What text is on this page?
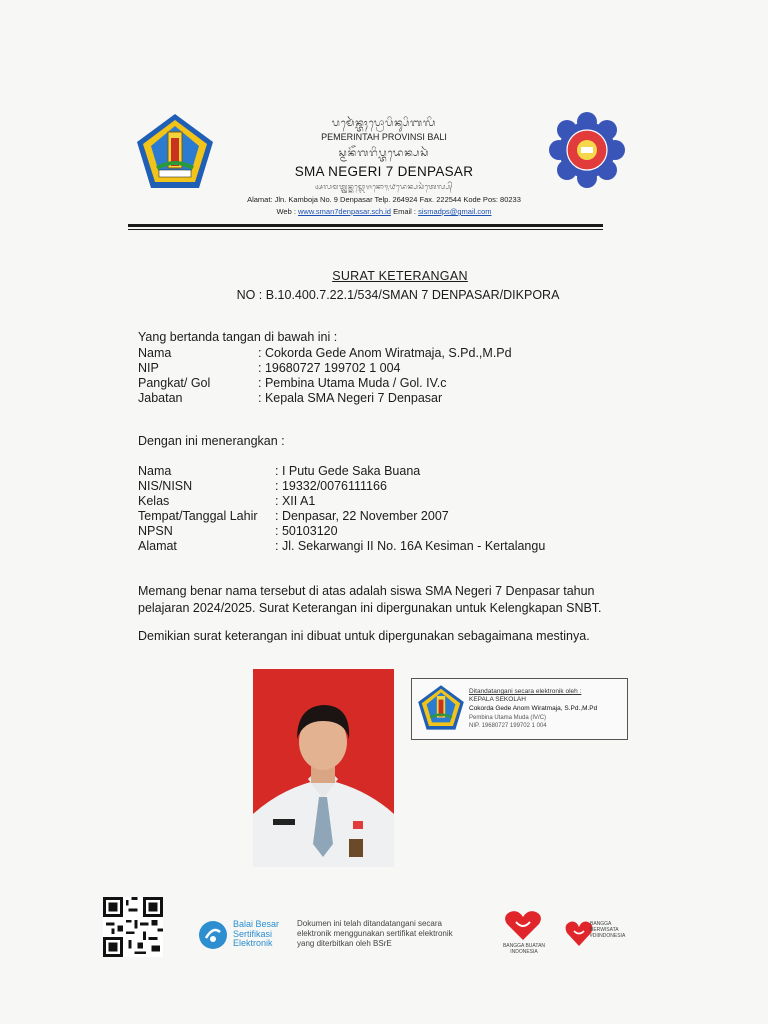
ᬧᬫᬾᬃᬦ᭄ᬢᬄᬧ᭄ᬭᭀᬧᬶᬦ᭄ᬲᬶᬩᬮᬶ
PEMERINTAH PROVINSI BALI
ᬲ᭄ᬫᬦᭂᬕᬭᬶᬧ᭄ᬢᬤᬾᬦ᭄ᬧᬲᬃ
SMA NEGERI 7 DENPASAR
ᬅᬮᬫᬢ᭄ᬚ᭄ᬮᬦ᭄ᬓᬫ᭄ᬩᭀᬚᬦᭀ᭟᭙ᬤᬾᬦ᭄ᬧᬲᬃᬢᬾᬮ᭄ᬧ᭄
Alamat: Jln. Kamboja No. 9 Denpasar Telp. 264924 Fax. 222544 Kode Pos: 80233
Web : www.sman7denpasar.sch.id Email : sismadps@gmail.com
SURAT KETERANGAN
NO : B.10.400.7.22.1/534/SMAN 7 DENPASAR/DIKPORA
Yang bertanda tangan di bawah ini :
Nama	: Cokorda Gede Anom Wiratmaja, S.Pd.,M.Pd
NIP	: 19680727 199702 1 004
Pangkat/ Gol	: Pembina Utama Muda / Gol. IV.c
Jabatan	: Kepala SMA Negeri 7 Denpasar
Dengan ini menerangkan :
Nama	: I Putu Gede Saka Buana
NIS/NISN	: 19332/0076111166
Kelas	: XII A1
Tempat/Tanggal Lahir : Denpasar, 22 November 2007
NPSN	: 50103120
Alamat	: Jl. Sekarwangi II No. 16A Kesiman - Kertalangu
Memang benar nama tersebut di atas adalah siswa SMA Negeri 7 Denpasar tahun
pelajaran 2024/2025. Surat Keterangan ini dipergunakan untuk Kelengkapan SNBT.
Demikian surat keterangan ini dibuat untuk dipergunakan sebagaimana mestinya.
Ditandatangani secara elektronik oleh :
KEPALA SEKOLAH
Cokorda Gede Anom Wiratmaja, S.Pd.,M.Pd
Pembina Utama Muda (IV/C)
NIP. 19680727 199702 1 004
Balai Besar
Sertifikasi
Elektronik
Dokumen ini telah ditandatangani secara
elektronik menggunakan sertifikat elektronik
yang diterbitkan oleh BSrE	BANGGA BUATAN INDONESIA
BANGGA BERWISATA #DIINDONESIA
